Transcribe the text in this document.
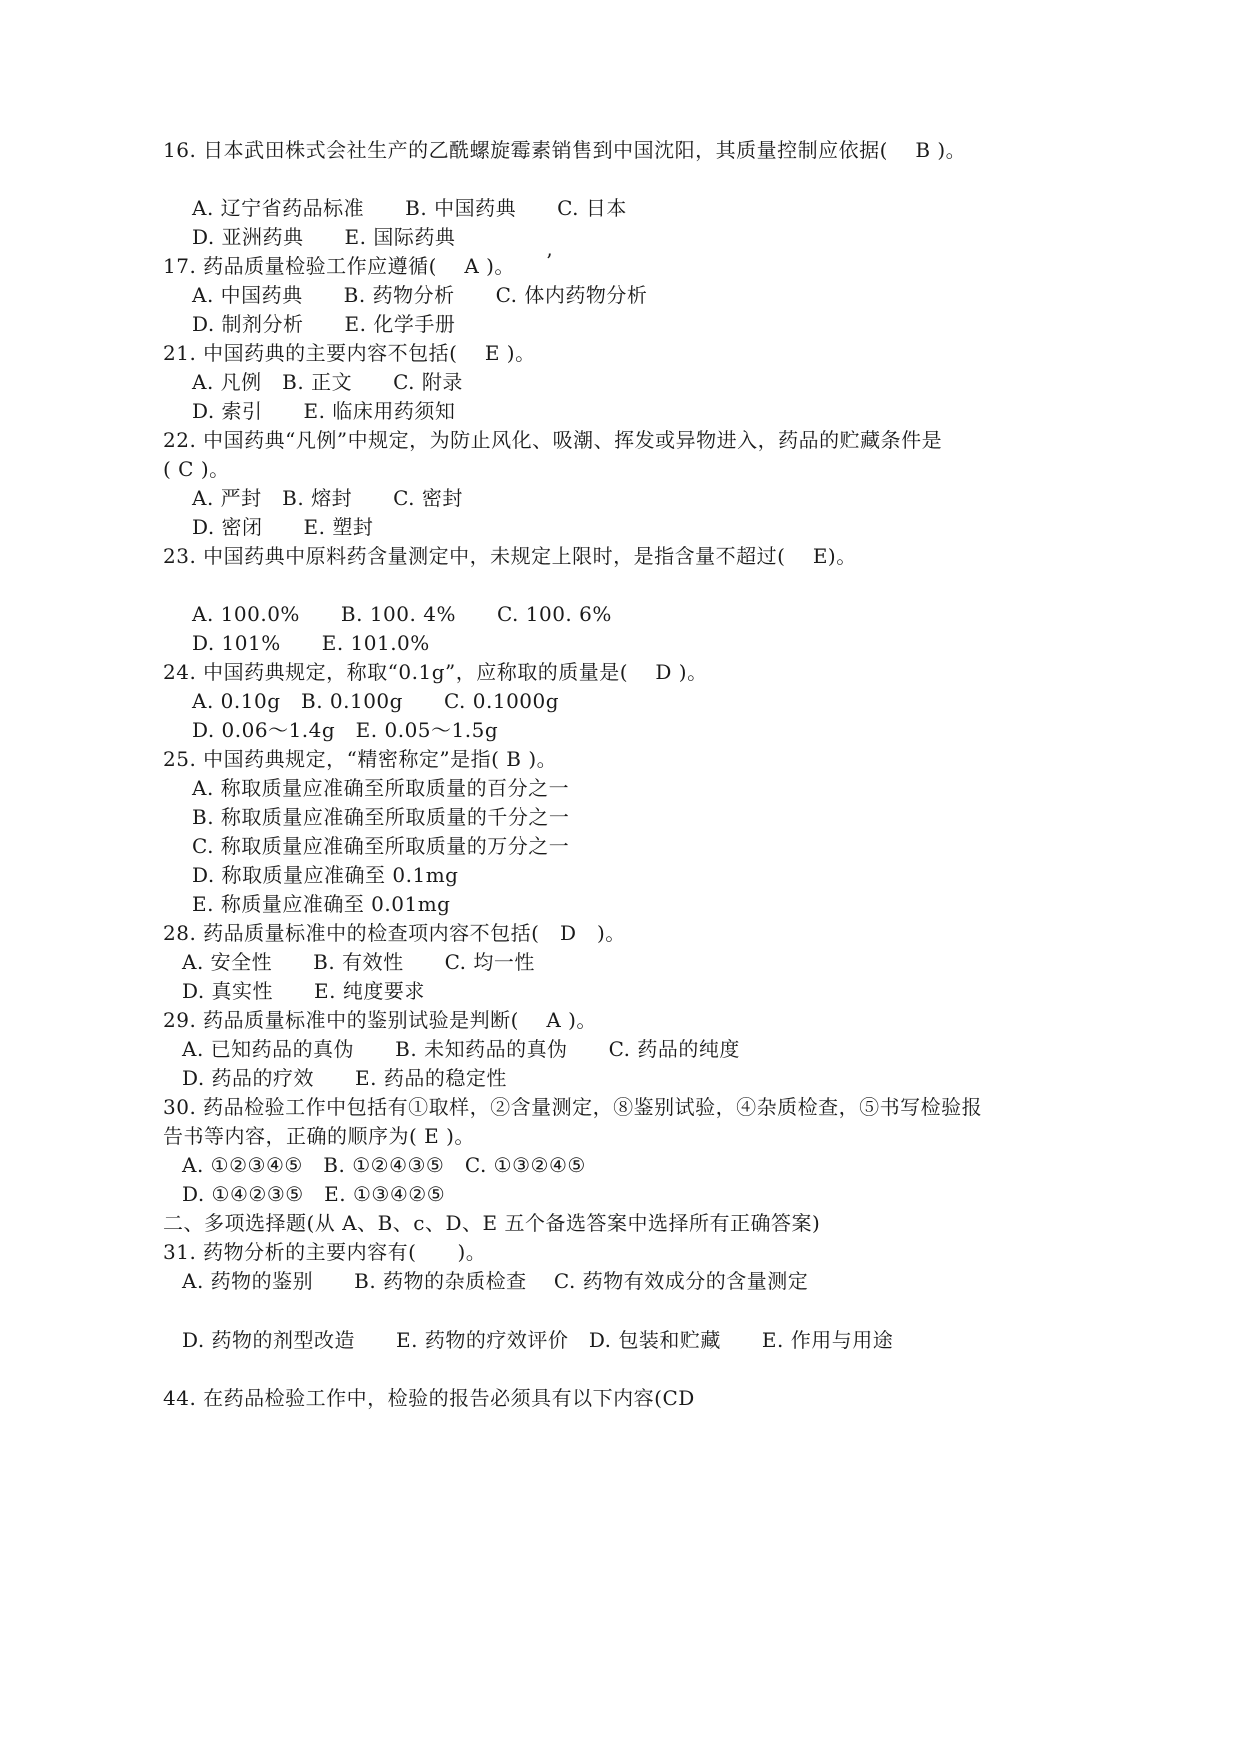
16. 日本武田株式会社生产的乙酰螺旋霉素销售到中国沈阳，其质量控制应依据(　 B )。
A. 辽宁省药品标准　　B. 中国药典　　C. 日本
D. 亚洲药典　　E. 国际药典
17. 药品质量检验工作应遵循(　 A )。 ’
A. 中国药典　　B. 药物分析　　C. 体内药物分析
D. 制剂分析　　E. 化学手册
21. 中国药典的主要内容不包括(　 E )。
A. 凡例　B. 正文　　C. 附录
D. 索引　　E. 临床用药须知
22. 中国药典“凡例”中规定，为防止风化、吸潮、挥发或异物进入，药品的贮藏条件是
( C )。
A. 严封　B. 熔封　　C. 密封
D. 密闭　　E. 塑封
23. 中国药典中原料药含量测定中，未规定上限时，是指含量不超过(　 E)。
A. 100.0%　　B. 100. 4%　　C. 100. 6%
D. 101%　　E. 101.0%
24. 中国药典规定，称取“0.1g”，应称取的质量是(　 D )。
A. 0.10g　B. 0.100g　　C. 0.1000g
D. 0.06～1.4g　E. 0.05～1.5g
25. 中国药典规定，“精密称定”是指( B )。
A. 称取质量应准确至所取质量的百分之一
B. 称取质量应准确至所取质量的千分之一
C. 称取质量应准确至所取质量的万分之一
D. 称取质量应准确至 0.1mg
E. 称质量应准确至 0.01mg
28. 药品质量标准中的检查项内容不包括(　D　)。
A. 安全性　　B. 有效性　　C. 均一性
D. 真实性　　E. 纯度要求
29. 药品质量标准中的鉴别试验是判断(　 A )。
A. 已知药品的真伪　　B. 未知药品的真伪　　C. 药品的纯度
D. 药品的疗效　　E. 药品的稳定性
30. 药品检验工作中包括有①取样，②含量测定，⑧鉴别试验，④杂质检查，⑤书写检验报
告书等内容，正确的顺序为( E )。
A. ①②③④⑤　B. ①②④③⑤　C. ①③②④⑤
D. ①④②③⑤　E. ①③④②⑤
二、多项选择题(从 A、B、c、D、E 五个备选答案中选择所有正确答案)
31. 药物分析的主要内容有(　　)。
A. 药物的鉴别　　B. 药物的杂质检查　 C. 药物有效成分的含量测定
D. 药物的剂型改造　　E. 药物的疗效评价　D. 包装和贮藏　　E. 作用与用途
44. 在药品检验工作中，检验的报告必须具有以下内容(CD
